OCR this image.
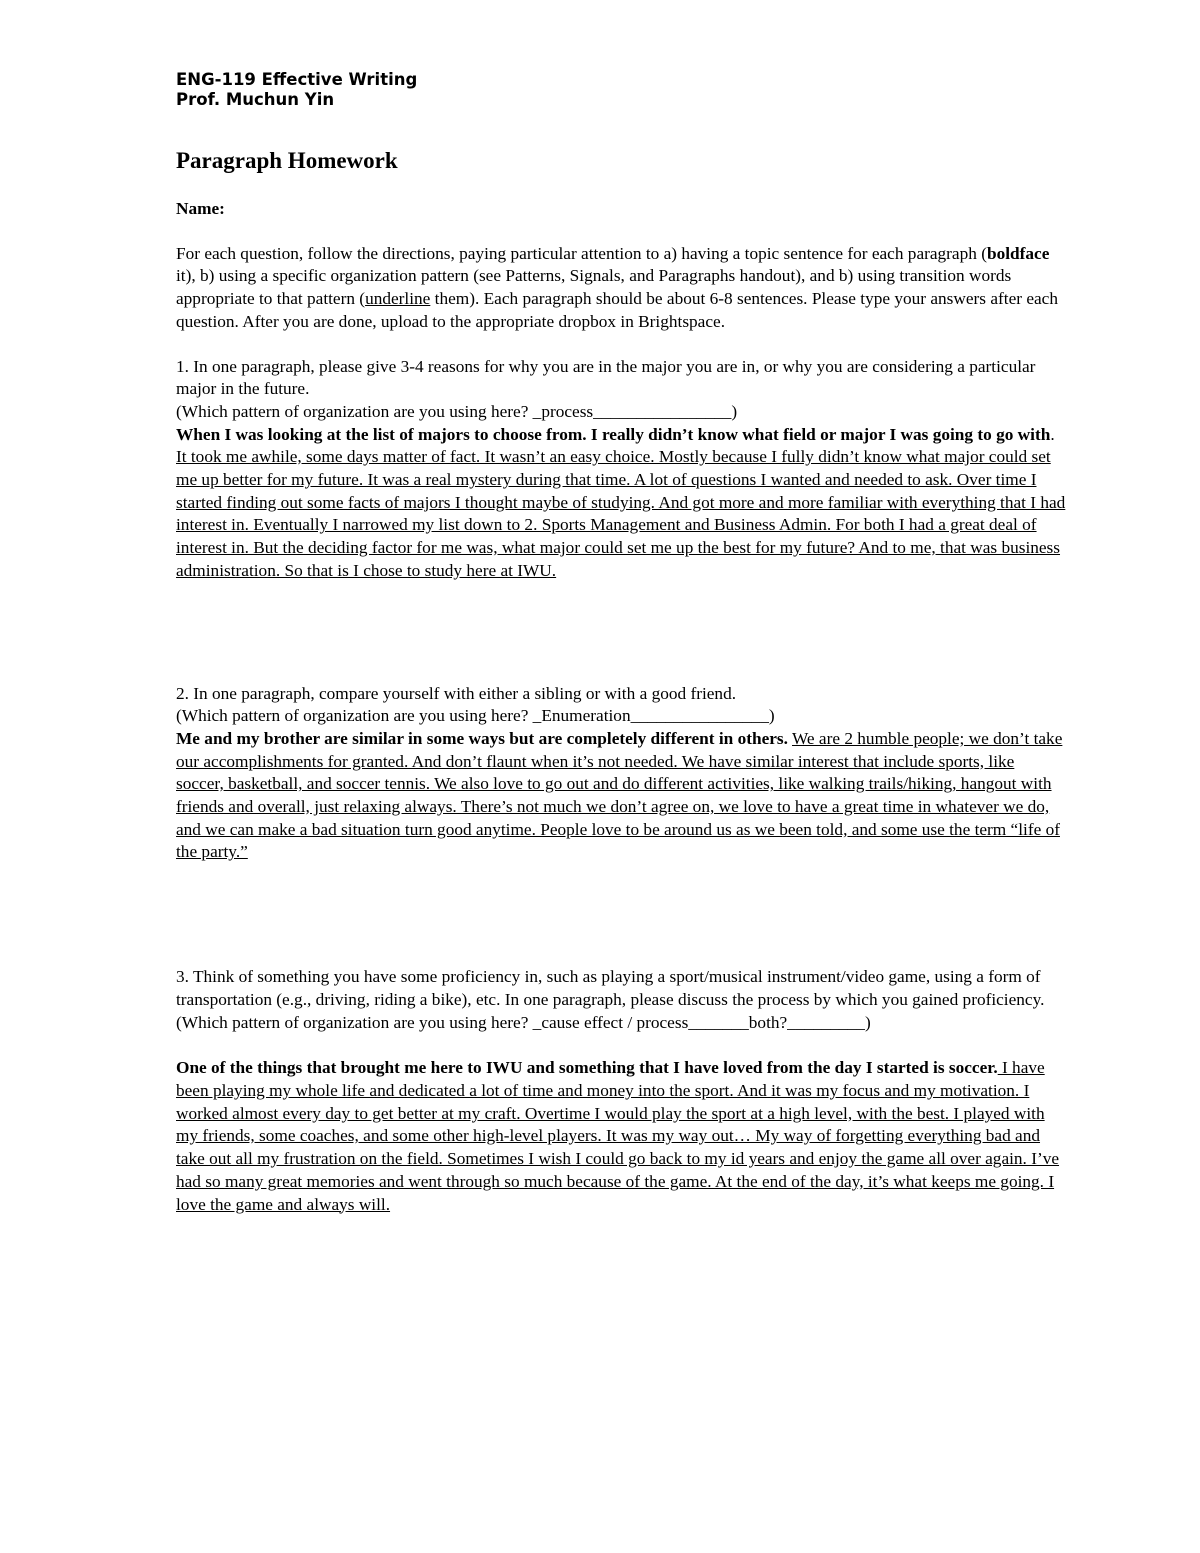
ENG-119 Effective Writing
Prof. Muchun Yin
Paragraph Homework
Name:
For each question, follow the directions, paying particular attention to a) having a topic sentence for each paragraph (boldface it), b) using a specific organization pattern (see Patterns, Signals, and Paragraphs handout), and b) using transition words appropriate to that pattern (underline them). Each paragraph should be about 6-8 sentences. Please type your answers after each question. After you are done, upload to the appropriate dropbox in Brightspace.
1. In one paragraph, please give 3-4 reasons for why you are in the major you are in, or why you are considering a particular major in the future.
(Which pattern of organization are you using here? _process________________)
When I was looking at the list of majors to choose from. I really didn’t know what field or major I was going to go with. It took me awhile, some days matter of fact. It wasn’t an easy choice. Mostly because I fully didn’t know what major could set me up better for my future. It was a real mystery during that time. A lot of questions I wanted and needed to ask. Over time I started finding out some facts of majors I thought maybe of studying. And got more and more familiar with everything that I had interest in. Eventually I narrowed my list down to 2. Sports Management and Business Admin. For both I had a great deal of interest in. But the deciding factor for me was, what major could set me up the best for my future? And to me, that was business administration. So that is I chose to study here at IWU.
2. In one paragraph, compare yourself with either a sibling or with a good friend.
(Which pattern of organization are you using here? _Enumeration________________)
Me and my brother are similar in some ways but are completely different in others. We are 2 humble people; we don’t take our accomplishments for granted. And don’t flaunt when it’s not needed. We have similar interest that include sports, like soccer, basketball, and soccer tennis. We also love to go out and do different activities, like walking trails/hiking, hangout with friends and overall, just relaxing always. There’s not much we don’t agree on, we love to have a great time in whatever we do, and we can make a bad situation turn good anytime. People love to be around us as we been told, and some use the term “life of the party.”
3. Think of something you have some proficiency in, such as playing a sport/musical instrument/video game, using a form of transportation (e.g., driving, riding a bike), etc. In one paragraph, please discuss the process by which you gained proficiency.
(Which pattern of organization are you using here? _cause effect / process_______both?_________)
One of the things that brought me here to IWU and something that I have loved from the day I started is soccer. I have been playing my whole life and dedicated a lot of time and money into the sport. And it was my focus and my motivation. I worked almost every day to get better at my craft. Overtime I would play the sport at a high level, with the best. I played with my friends, some coaches, and some other high-level players. It was my way out… My way of forgetting everything bad and take out all my frustration on the field. Sometimes I wish I could go back to my id years and enjoy the game all over again. I’ve had so many great memories and went through so much because of the game. At the end of the day, it’s what keeps me going. I love the game and always will.
